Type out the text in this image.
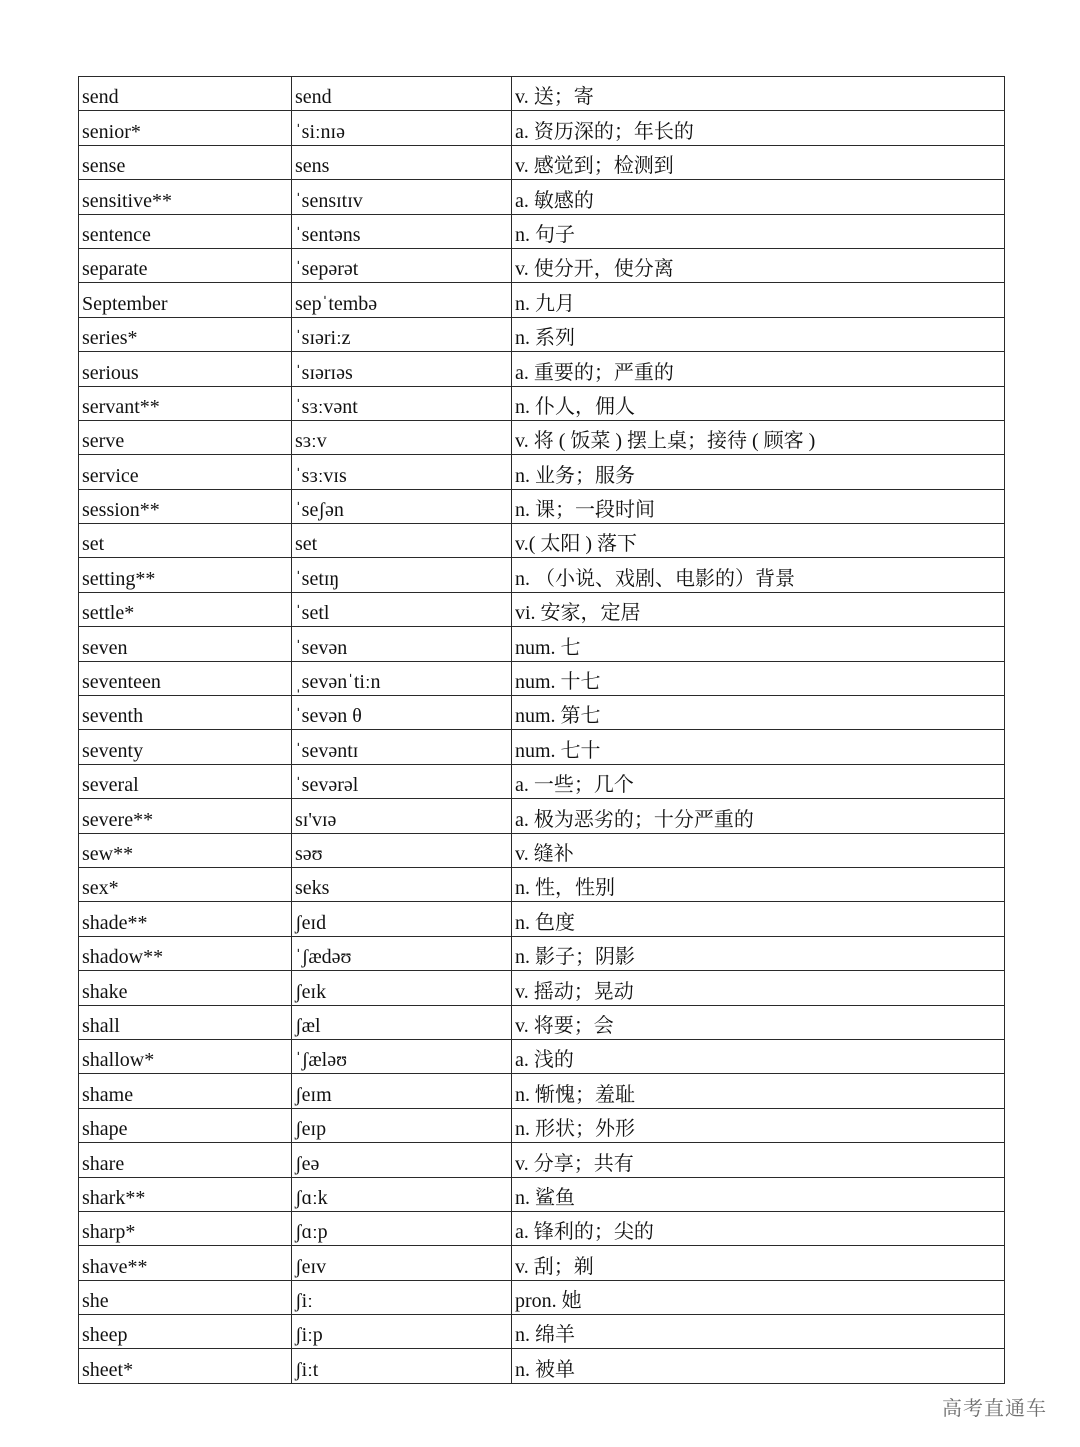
send	send	v. 送；寄
senior*	ˈsiːnɪə	a. 资历深的；年长的
sense	sens	v. 感觉到；检测到
sensitive**	ˈsensɪtɪv	a. 敏感的
sentence	ˈsentəns	n. 句子
separate	ˈsepərət	v. 使分开，使分离
September	sepˈtembə	n. 九月
series*	ˈsɪəriːz	n. 系列
serious	ˈsɪərɪəs	a. 重要的；严重的
servant**	ˈsɜːvənt	n. 仆人，佣人
serve	sɜːv	v. 将 ( 饭菜 ) 摆上桌；接待 ( 顾客 )
service	ˈsɜːvɪs	n. 业务；服务
session**	ˈseʃən	n. 课；一段时间
set	set	v.( 太阳 ) 落下
setting**	ˈsetɪŋ	n. （小说、戏剧、电影的）背景
settle*	ˈsetl	vi. 安家，定居
seven	ˈsevən	num. 七
seventeen	ˌsevənˈtiːn	num. 十七
seventh	ˈsevən θ	num. 第七
seventy	ˈsevəntɪ	num. 七十
several	ˈsevərəl	a. 一些；几个
severe**	sɪ'vɪə	a. 极为恶劣的；十分严重的
sew**	səʊ	v. 缝补
sex*	seks	n. 性，性别
shade**	ʃeɪd	n. 色度
shadow**	ˈʃædəʊ	n. 影子；阴影
shake	ʃeɪk	v. 摇动；晃动
shall	ʃæl	v. 将要；会
shallow*	ˈʃæləʊ	a. 浅的
shame	ʃeɪm	n. 惭愧；羞耻
shape	ʃeɪp	n. 形状；外形
share	ʃeə	v. 分享；共有
shark**	ʃɑːk	n. 鲨鱼
sharp*	ʃɑːp	a. 锋利的；尖的
shave**	ʃeɪv	v. 刮；剃
she	ʃiː	pron. 她
sheep	ʃiːp	n. 绵羊
sheet*	ʃiːt	n. 被单
高考直通车
